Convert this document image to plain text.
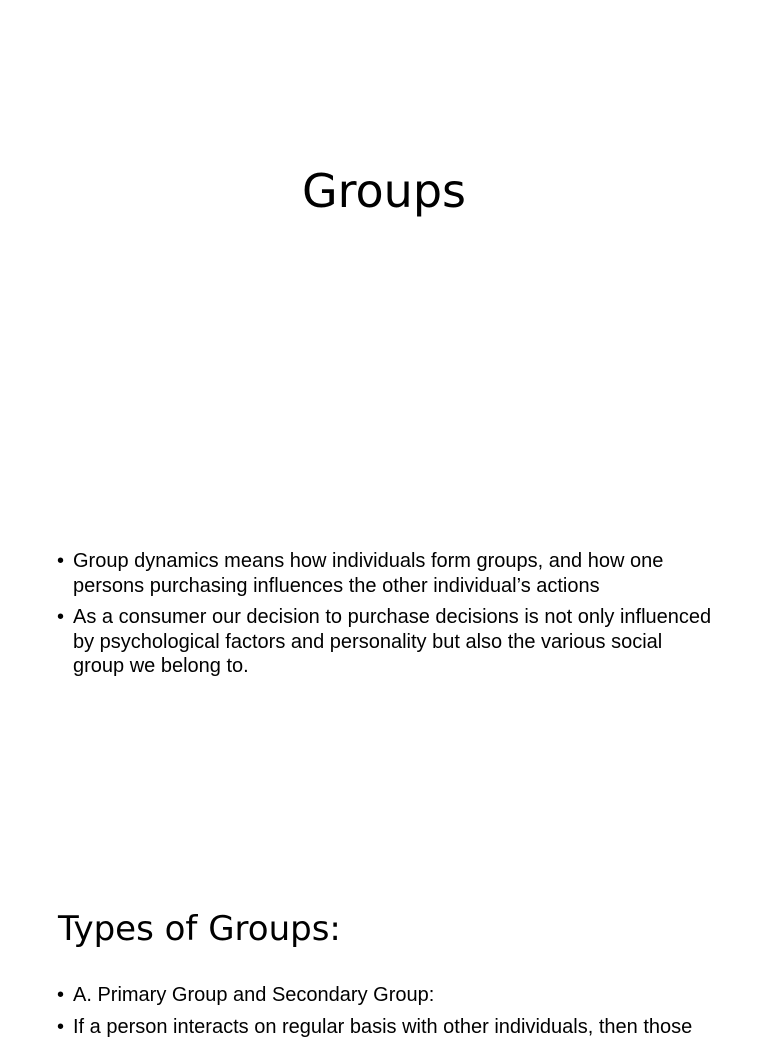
Groups
• Group dynamics means how individuals form groups, and how one persons purchasing influences the other individual’s actions
• As a consumer our decision to purchase decisions is not only influenced by psychological factors and personality but also the various social group we belong to.
Types of Groups:
• A. Primary Group and Secondary Group:
• If a person interacts on regular basis with other individuals, then those
